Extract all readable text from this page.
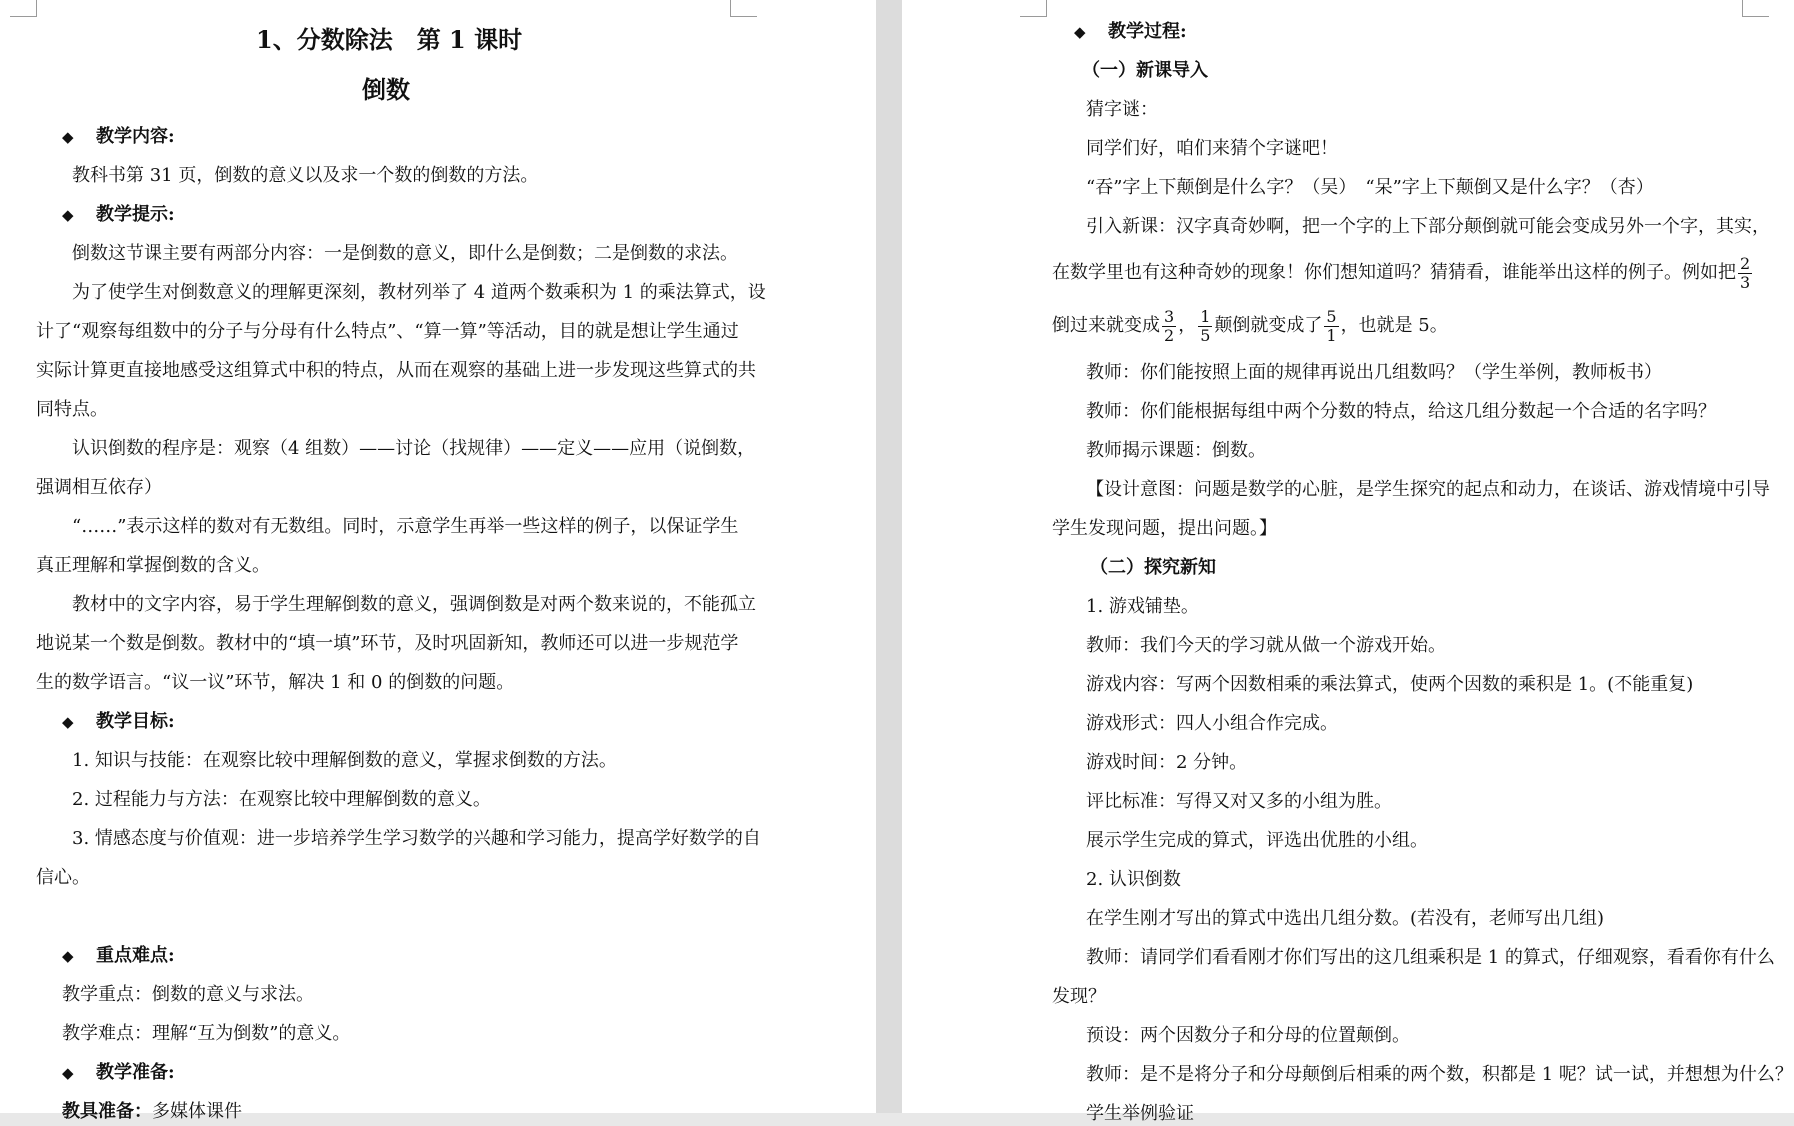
1、分数除法　第 1 课时
倒数
◆ 教学内容:
教科书第 31 页，倒数的意义以及求一个数的倒数的方法。
◆ 教学提示:
倒数这节课主要有两部分内容：一是倒数的意义，即什么是倒数；二是倒数的求法。
为了使学生对倒数意义的理解更深刻，教材列举了 4 道两个数乘积为 1 的乘法算式，设
计了“观察每组数中的分子与分母有什么特点”、“算一算”等活动，目的就是想让学生通过
实际计算更直接地感受这组算式中积的特点，从而在观察的基础上进一步发现这些算式的共
同特点。
认识倒数的程序是：观察（4 组数）——讨论（找规律）——定义——应用（说倒数，
强调相互依存）
“……”表示这样的数对有无数组。同时，示意学生再举一些这样的例子，以保证学生
真正理解和掌握倒数的含义。
教材中的文字内容，易于学生理解倒数的意义，强调倒数是对两个数来说的，不能孤立
地说某一个数是倒数。教材中的“填一填”环节，及时巩固新知，教师还可以进一步规范学
生的数学语言。“议一议”环节，解决 1 和 0 的倒数的问题。
◆ 教学目标:
1. 知识与技能：在观察比较中理解倒数的意义，掌握求倒数的方法。
2. 过程能力与方法：在观察比较中理解倒数的意义。
3. 情感态度与价值观：进一步培养学生学习数学的兴趣和学习能力，提高学好数学的自
信心。
◆ 重点难点:
教学重点：倒数的意义与求法。
教学难点：理解“互为倒数”的意义。
◆ 教学准备:
教具准备：多媒体课件
◆ 教学过程:
（一）新课导入
猜字谜：
同学们好，咱们来猜个字谜吧！
“吞”字上下颠倒是什么字？（吴）　“呆”字上下颠倒又是什么字？（杏）
引入新课：汉字真奇妙啊，把一个字的上下部分颠倒就可能会变成另外一个字，其实，
在数学里也有这种奇妙的现象！你们想知道吗？猜猜看，谁能举出这样的例子。例如把 $\frac{2}{3}$
倒过来就变成 $\frac{3}{2}$ ， $\frac{1}{5}$ 颠倒就变成了 $\frac{5}{1}$ ，也就是 5。
教师：你们能按照上面的规律再说出几组数吗？（学生举例，教师板书）
教师：你们能根据每组中两个分数的特点，给这几组分数起一个合适的名字吗？
教师揭示课题：倒数。
【设计意图：问题是数学的心脏，是学生探究的起点和动力，在谈话、游戏情境中引导
学生发现问题，提出问题。】
（二）探究新知
1. 游戏铺垫。
教师：我们今天的学习就从做一个游戏开始。
游戏内容：写两个因数相乘的乘法算式，使两个因数的乘积是 1。(不能重复)
游戏形式：四人小组合作完成。
游戏时间：2 分钟。
评比标准：写得又对又多的小组为胜。
展示学生完成的算式，评选出优胜的小组。
2. 认识倒数
在学生刚才写出的算式中选出几组分数。(若没有，老师写出几组)
教师：请同学们看看刚才你们写出的这几组乘积是 1 的算式，仔细观察，看看你有什么
发现？
预设：两个因数分子和分母的位置颠倒。
教师：是不是将分子和分母颠倒后相乘的两个数，积都是 1 呢？试一试，并想想为什么？
学生举例验证
